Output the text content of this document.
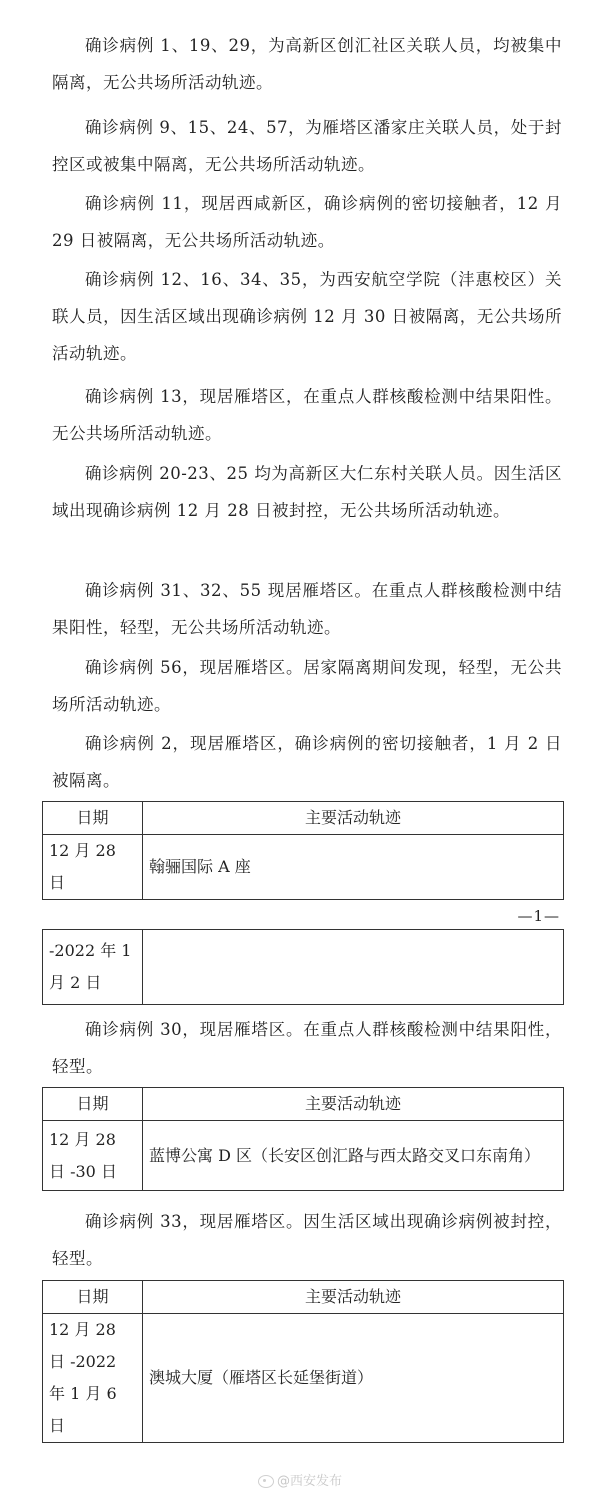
确诊病例 1、19、29，为高新区创汇社区关联人员，均被集中隔离，无公共场所活动轨迹。

确诊病例 9、15、24、57，为雁塔区潘家庄关联人员，处于封控区或被集中隔离，无公共场所活动轨迹。

确诊病例 11，现居西咸新区，确诊病例的密切接触者，12 月 29 日被隔离，无公共场所活动轨迹。

确诊病例 12、16、34、35，为西安航空学院（沣惠校区）关联人员，因生活区域出现确诊病例 12 月 30 日被隔离，无公共场所活动轨迹。

确诊病例 13，现居雁塔区，在重点人群核酸检测中结果阳性。无公共场所活动轨迹。

确诊病例 20-23、25 均为高新区大仁东村关联人员。因生活区域出现确诊病例 12 月 28 日被封控，无公共场所活动轨迹。

确诊病例 31、32、55 现居雁塔区。在重点人群核酸检测中结果阳性，轻型，无公共场所活动轨迹。

确诊病例 56，现居雁塔区。居家隔离期间发现，轻型，无公共场所活动轨迹。

确诊病例 2，现居雁塔区，确诊病例的密切接触者，1 月 2 日被隔离。

日期	主要活动轨迹
12 月 28 日	翰骊国际 A 座
—1—
-2022 年 1 月 2 日	

确诊病例 30，现居雁塔区。在重点人群核酸检测中结果阳性，轻型。

日期	主要活动轨迹
12 月 28 日 -30 日	蓝博公寓 D 区（长安区创汇路与西太路交叉口东南角）

确诊病例 33，现居雁塔区。因生活区域出现确诊病例被封控，轻型。

日期	主要活动轨迹
12 月 28 日 -2022 年 1 月 6 日	澳城大厦（雁塔区长延堡街道）
@西安发布
